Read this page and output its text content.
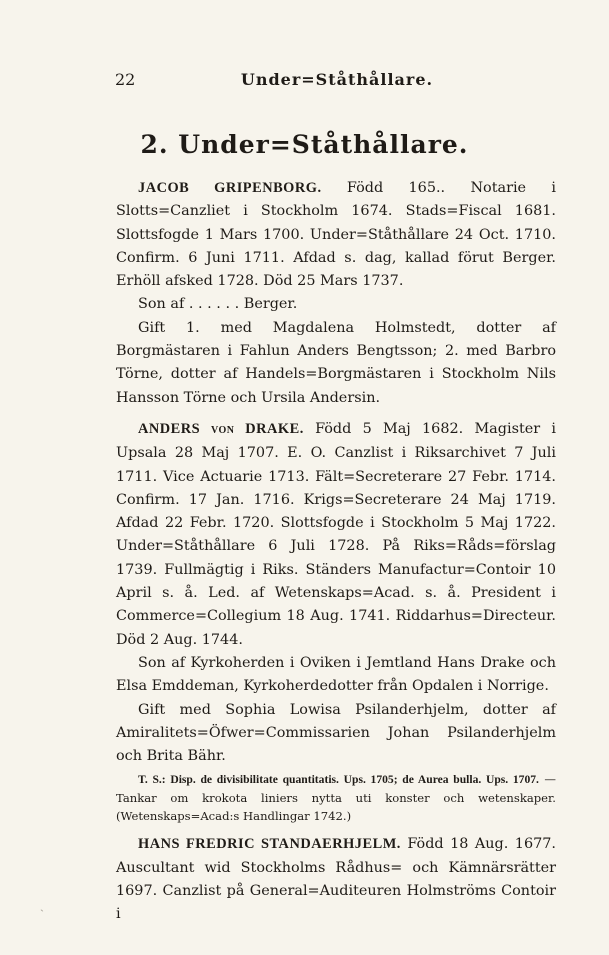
22	Under=Ståthållare.
2. Under=Ståthållare.

JACOB GRIPENBORG. Född 165.. Notarie i Slotts=Canzliet i Stockholm 1674. Stads=Fiscal 1681. Slottsfogde 1 Mars 1700. Under=Ståthållare 24 Oct. 1710. Confirm. 6 Juni 1711. Afdad s. dag, kallad förut Berger. Erhöll afsked 1728. Död 25 Mars 1737.

Son af . . . . . . Berger.

Gift 1. med Magdalena Holmstedt, dotter af Borgmästaren i Fahlun Anders Bengtsson; 2. med Barbro Törne, dotter af Handels=Borgmästaren i Stockholm Nils Hansson Törne och Ursila Andersin.

ANDERS VON DRAKE. Född 5 Maj 1682. Magister i Upsala 28 Maj 1707. E. O. Canzlist i Riksarchivet 7 Juli 1711. Vice Actuarie 1713. Fält=Secreterare 27 Febr. 1714. Confirm. 17 Jan. 1716. Krigs=Secreterare 24 Maj 1719. Afdad 22 Febr. 1720. Slottsfogde i Stockholm 5 Maj 1722. Under=Ståthållare 6 Juli 1728. På Riks=Råds=förslag 1739. Fullmägtig i Riks. Ständers Manufactur=Contoir 10 April s. å. Led. af Wetenskaps=Acad. s. å. President i Commerce=Collegium 18 Aug. 1741. Riddarhus=Directeur. Död 2 Aug. 1744.

Son af Kyrkoherden i Oviken i Jemtland Hans Drake och Elsa Emddeman, Kyrkoherdedotter från Opdalen i Norrige.

Gift med Sophia Lowisa Psilanderhjelm, dotter af Amiralitets=Öfwer=Commissarien Johan Psilanderhjelm och Brita Bähr.

T. S.: Disp. de divisibilitate quantitatis. Ups. 1705; de Aurea bulla. Ups. 1707. — Tankar om krokota liniers nytta uti konster och wetenskaper. (Wetenskaps=Acad:s Handlingar 1742.)

HANS FREDRIC STANDAERHJELM. Född 18 Aug. 1677. Auscultant wid Stockholms Rådhus= och Kämnärsrätter 1697. Canzlist på General=Auditeuren Holmströms Contoir i

ˎ
